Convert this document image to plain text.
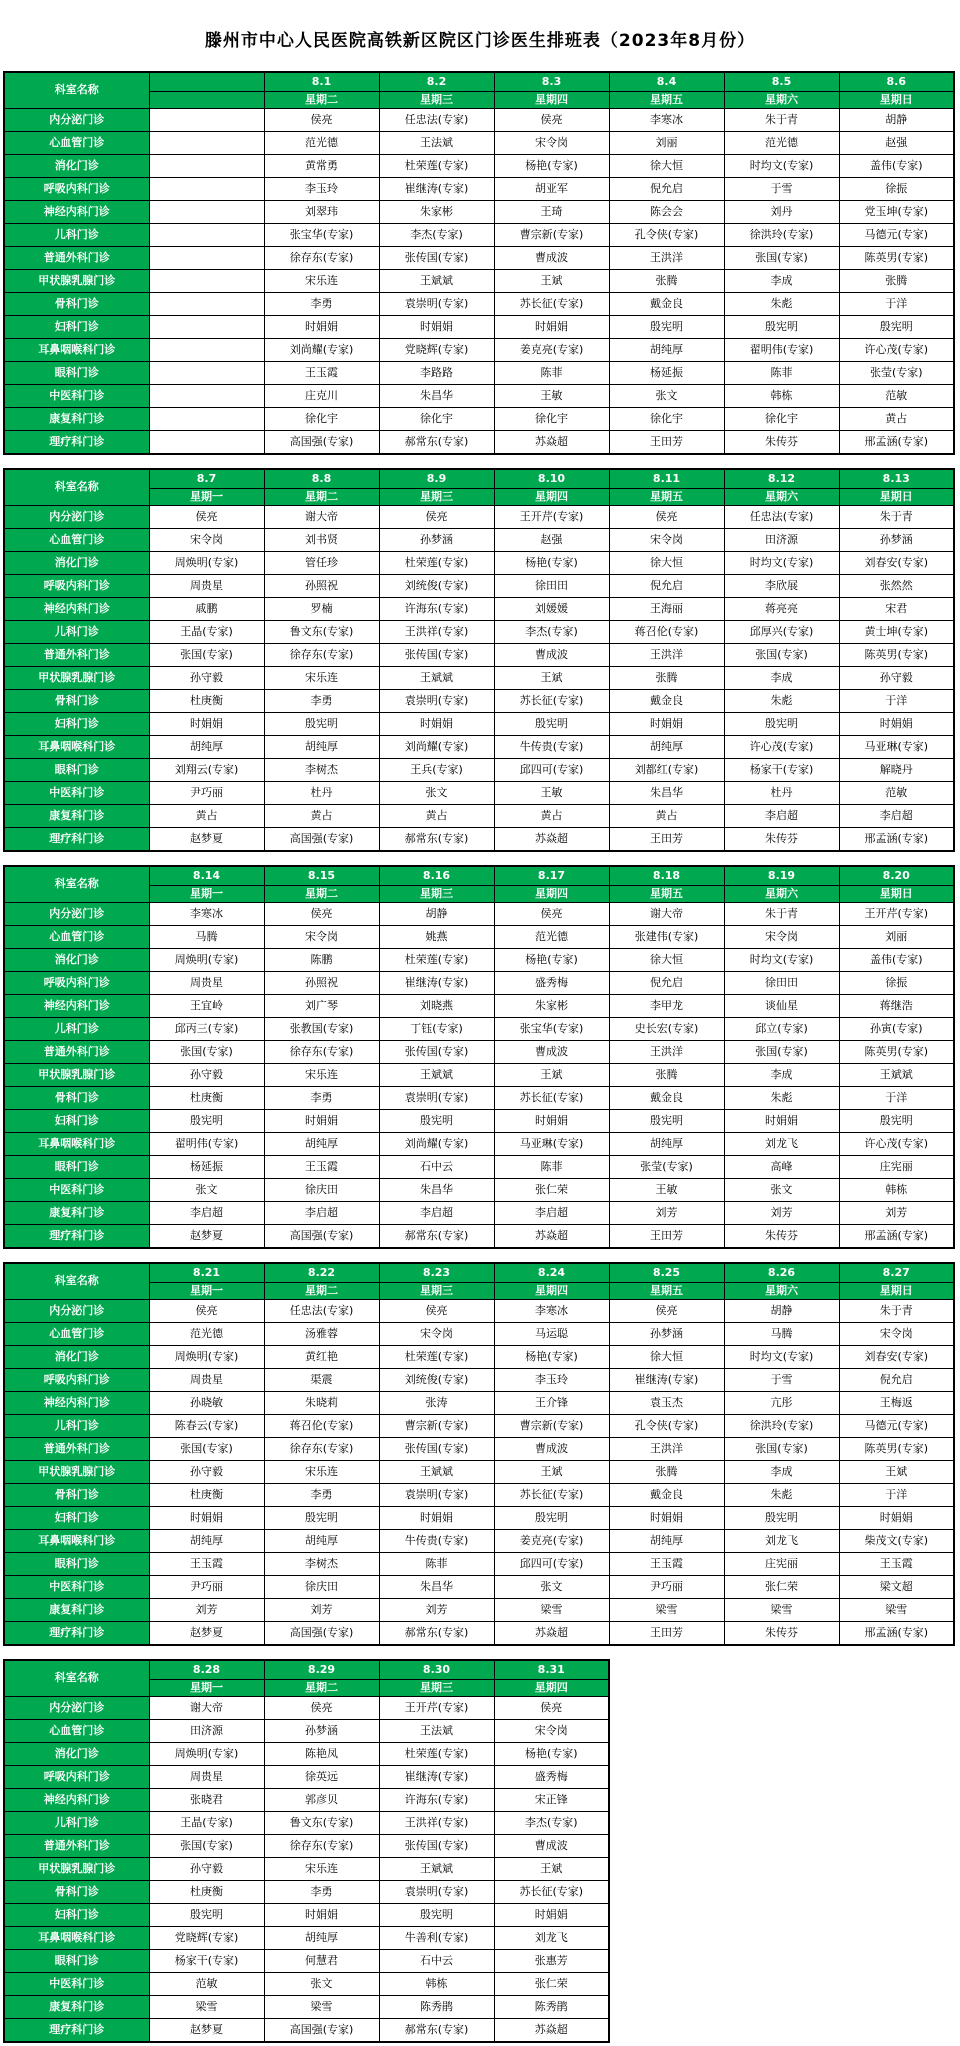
滕州市中心人民医院高铁新区院区门诊医生排班表（2023年8月份）
科室名称		8.1	8.2	8.3	8.4	8.5	8.6
		星期二	星期三	星期四	星期五	星期六	星期日
内分泌门诊		侯亮	任忠法(专家)	侯亮	李寒冰	朱于青	胡静
心血管门诊		范光德	王法斌	宋令岗	刘丽	范光德	赵强
消化门诊		黄常勇	杜荣莲(专家)	杨艳(专家)	徐大恒	时均文(专家)	盖伟(专家)
呼吸内科门诊		李玉玲	崔继涛(专家)	胡亚军	倪允启	于雪	徐振
神经内科门诊		刘翠玮	朱家彬	王琦	陈会会	刘丹	党玉坤(专家)
儿科门诊		张宝华(专家)	李杰(专家)	曹宗新(专家)	孔令侠(专家)	徐洪玲(专家)	马德元(专家)
普通外科门诊		徐存东(专家)	张传国(专家)	曹成波	王洪洋	张国(专家)	陈英男(专家)
甲状腺乳腺门诊		宋乐连	王斌斌	王斌	张腾	李成	张腾
骨科门诊		李勇	袁崇明(专家)	苏长征(专家)	戴金良	朱彪	于洋
妇科门诊		时娟娟	时娟娟	时娟娟	殷宪明	殷宪明	殷宪明
耳鼻咽喉科门诊		刘尚耀(专家)	党晓辉(专家)	姜克亮(专家)	胡纯厚	翟明伟(专家)	许心茂(专家)
眼科门诊		王玉霞	李路路	陈菲	杨延振	陈菲	张莹(专家)
中医科门诊		庄克川	朱昌华	王敏	张文	韩栋	范敏
康复科门诊		徐化宇	徐化宇	徐化宇	徐化宇	徐化宇	黄占
理疗科门诊		高国强(专家)	郝常东(专家)	苏焱超	王田芳	朱传芬	邢孟涵(专家)
科室名称	8.7	8.8	8.9	8.10	8.11	8.12	8.13
	星期一	星期二	星期三	星期四	星期五	星期六	星期日
内分泌门诊	侯亮	谢大帝	侯亮	王开芹(专家)	侯亮	任忠法(专家)	朱于青
心血管门诊	宋令岗	刘书贤	孙梦涵	赵强	宋令岗	田济源	孙梦涵
消化门诊	周焕明(专家)	管任珍	杜荣莲(专家)	杨艳(专家)	徐大恒	时均文(专家)	刘春安(专家)
呼吸内科门诊	周贵星	孙照祝	刘统俊(专家)	徐田田	倪允启	李欣展	张然然
神经内科门诊	戚鹏	罗楠	许海东(专家)	刘媛媛	王海丽	蒋亮亮	宋君
儿科门诊	王晶(专家)	鲁文东(专家)	王洪祥(专家)	李杰(专家)	蒋召伦(专家)	邱厚兴(专家)	黄士坤(专家)
普通外科门诊	张国(专家)	徐存东(专家)	张传国(专家)	曹成波	王洪洋	张国(专家)	陈英男(专家)
甲状腺乳腺门诊	孙守毅	宋乐连	王斌斌	王斌	张腾	李成	孙守毅
骨科门诊	杜庚衡	李勇	袁崇明(专家)	苏长征(专家)	戴金良	朱彪	于洋
妇科门诊	时娟娟	殷宪明	时娟娟	殷宪明	时娟娟	殷宪明	时娟娟
耳鼻咽喉科门诊	胡纯厚	胡纯厚	刘尚耀(专家)	牛传贵(专家)	胡纯厚	许心茂(专家)	马亚琳(专家)
眼科门诊	刘翔云(专家)	李树杰	王兵(专家)	邱四可(专家)	刘都红(专家)	杨家干(专家)	解晓丹
中医科门诊	尹巧丽	杜丹	张文	王敏	朱昌华	杜丹	范敏
康复科门诊	黄占	黄占	黄占	黄占	黄占	李启超	李启超
理疗科门诊	赵梦夏	高国强(专家)	郝常东(专家)	苏焱超	王田芳	朱传芬	邢孟涵(专家)
科室名称	8.14	8.15	8.16	8.17	8.18	8.19	8.20
	星期一	星期二	星期三	星期四	星期五	星期六	星期日
内分泌门诊	李寒冰	侯亮	胡静	侯亮	谢大帝	朱于青	王开芹(专家)
心血管门诊	马腾	宋令岗	姚燕	范光德	张建伟(专家)	宋令岗	刘丽
消化门诊	周焕明(专家)	陈鹏	杜荣莲(专家)	杨艳(专家)	徐大恒	时均文(专家)	盖伟(专家)
呼吸内科门诊	周贵星	孙照祝	崔继涛(专家)	盛秀梅	倪允启	徐田田	徐振
神经内科门诊	王宜岭	刘广琴	刘晓燕	朱家彬	李甲龙	谈仙星	蒋继浩
儿科门诊	邱丙三(专家)	张教国(专家)	丁钰(专家)	张宝华(专家)	史长宏(专家)	邱立(专家)	孙寅(专家)
普通外科门诊	张国(专家)	徐存东(专家)	张传国(专家)	曹成波	王洪洋	张国(专家)	陈英男(专家)
甲状腺乳腺门诊	孙守毅	宋乐连	王斌斌	王斌	张腾	李成	王斌斌
骨科门诊	杜庚衡	李勇	袁崇明(专家)	苏长征(专家)	戴金良	朱彪	于洋
妇科门诊	殷宪明	时娟娟	殷宪明	时娟娟	殷宪明	时娟娟	殷宪明
耳鼻咽喉科门诊	翟明伟(专家)	胡纯厚	刘尚耀(专家)	马亚琳(专家)	胡纯厚	刘龙飞	许心茂(专家)
眼科门诊	杨延振	王玉霞	石中云	陈菲	张莹(专家)	高峰	庄宪丽
中医科门诊	张文	徐庆田	朱昌华	张仁荣	王敏	张文	韩栋
康复科门诊	李启超	李启超	李启超	李启超	刘芳	刘芳	刘芳
理疗科门诊	赵梦夏	高国强(专家)	郝常东(专家)	苏焱超	王田芳	朱传芬	邢孟涵(专家)
科室名称	8.21	8.22	8.23	8.24	8.25	8.26	8.27
	星期一	星期二	星期三	星期四	星期五	星期六	星期日
内分泌门诊	侯亮	任忠法(专家)	侯亮	李寒冰	侯亮	胡静	朱于青
心血管门诊	范光德	汤雅蓉	宋令岗	马运聪	孙梦涵	马腾	宋令岗
消化门诊	周焕明(专家)	黄红艳	杜荣莲(专家)	杨艳(专家)	徐大恒	时均文(专家)	刘春安(专家)
呼吸内科门诊	周贵星	渠震	刘统俊(专家)	李玉玲	崔继涛(专家)	于雪	倪允启
神经内科门诊	孙晓敏	朱晓莉	张涛	王介锋	袁玉杰	亢彤	王梅返
儿科门诊	陈春云(专家)	蒋召伦(专家)	曹宗新(专家)	曹宗新(专家)	孔令侠(专家)	徐洪玲(专家)	马德元(专家)
普通外科门诊	张国(专家)	徐存东(专家)	张传国(专家)	曹成波	王洪洋	张国(专家)	陈英男(专家)
甲状腺乳腺门诊	孙守毅	宋乐连	王斌斌	王斌	张腾	李成	王斌
骨科门诊	杜庚衡	李勇	袁崇明(专家)	苏长征(专家)	戴金良	朱彪	于洋
妇科门诊	时娟娟	殷宪明	时娟娟	殷宪明	时娟娟	殷宪明	时娟娟
耳鼻咽喉科门诊	胡纯厚	胡纯厚	牛传贵(专家)	姜克亮(专家)	胡纯厚	刘龙飞	柴茂文(专家)
眼科门诊	王玉霞	李树杰	陈菲	邱四可(专家)	王玉霞	庄宪丽	王玉霞
中医科门诊	尹巧丽	徐庆田	朱昌华	张文	尹巧丽	张仁荣	梁文超
康复科门诊	刘芳	刘芳	刘芳	梁雪	梁雪	梁雪	梁雪
理疗科门诊	赵梦夏	高国强(专家)	郝常东(专家)	苏焱超	王田芳	朱传芬	邢孟涵(专家)
科室名称	8.28	8.29	8.30	8.31
	星期一	星期二	星期三	星期四
内分泌门诊	谢大帝	侯亮	王开芹(专家)	侯亮
心血管门诊	田济源	孙梦涵	王法斌	宋令岗
消化门诊	周焕明(专家)	陈艳凤	杜荣莲(专家)	杨艳(专家)
呼吸内科门诊	周贵星	徐英远	崔继涛(专家)	盛秀梅
神经内科门诊	张晓君	郭彦贝	许海东(专家)	宋正锋
儿科门诊	王晶(专家)	鲁文东(专家)	王洪祥(专家)	李杰(专家)
普通外科门诊	张国(专家)	徐存东(专家)	张传国(专家)	曹成波
甲状腺乳腺门诊	孙守毅	宋乐连	王斌斌	王斌
骨科门诊	杜庚衡	李勇	袁崇明(专家)	苏长征(专家)
妇科门诊	殷宪明	时娟娟	殷宪明	时娟娟
耳鼻咽喉科门诊	党晓辉(专家)	胡纯厚	牛善利(专家)	刘龙飞
眼科门诊	杨家干(专家)	何慧君	石中云	张惠芳
中医科门诊	范敏	张文	韩栋	张仁荣
康复科门诊	梁雪	梁雪	陈秀鹃	陈秀鹃
理疗科门诊	赵梦夏	高国强(专家)	郝常东(专家)	苏焱超
